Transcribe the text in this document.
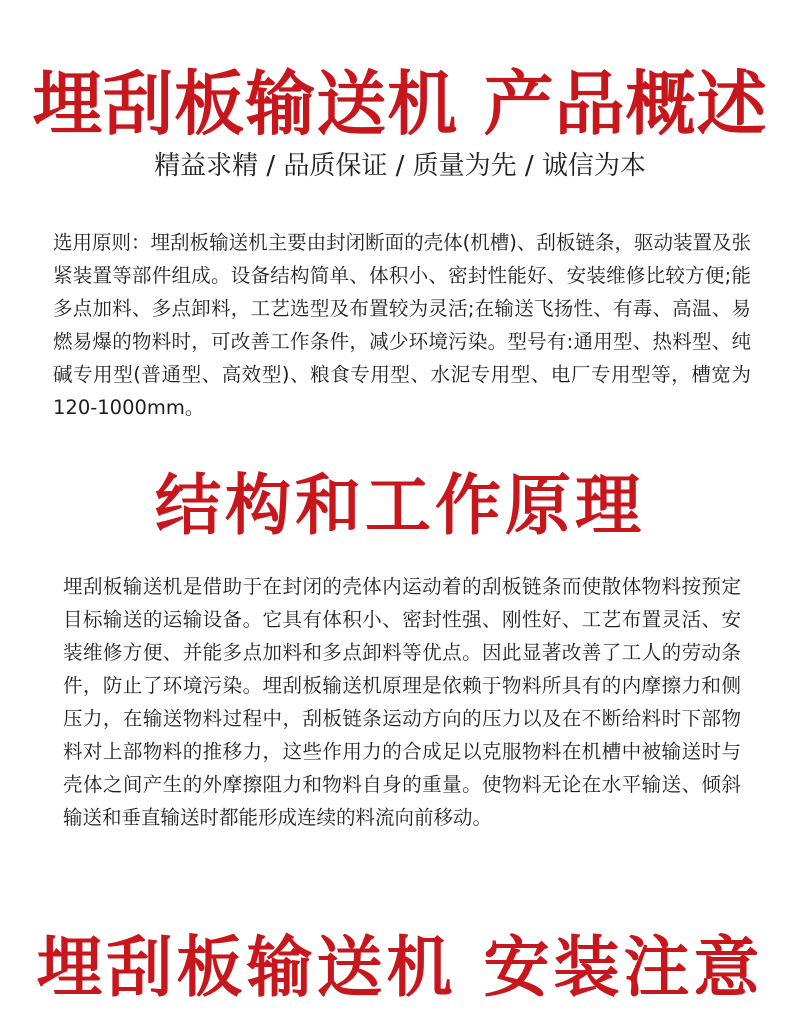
埋刮板输送机 产品概述

精益求精 / 品质保证 / 质量为先 / 诚信为本

选用原则：埋刮板输送机主要由封闭断面的壳体(机槽)、刮板链条，驱动装置及张紧装置等部件组成。设备结构简单、体积小、密封性能好、安装维修比较方便;能多点加料、多点卸料，工艺选型及布置较为灵活;在输送飞扬性、有毒、高温、易燃易爆的物料时，可改善工作条件，减少环境污染。型号有:通用型、热料型、纯碱专用型(普通型、高效型)、粮食专用型、水泥专用型、电厂专用型等，槽宽为120-1000mm。

结构和工作原理

埋刮板输送机是借助于在封闭的壳体内运动着的刮板链条而使散体物料按预定目标输送的运输设备。它具有体积小、密封性强、刚性好、工艺布置灵活、安装维修方便、并能多点加料和多点卸料等优点。因此显著改善了工人的劳动条件，防止了环境污染。埋刮板输送机原理是依赖于物料所具有的内摩擦力和侧压力，在输送物料过程中，刮板链条运动方向的压力以及在不断给料时下部物料对上部物料的推移力，这些作用力的合成足以克服物料在机槽中被输送时与壳体之间产生的外摩擦阻力和物料自身的重量。使物料无论在水平输送、倾斜输送和垂直输送时都能形成连续的料流向前移动。

埋刮板输送机 安装注意
